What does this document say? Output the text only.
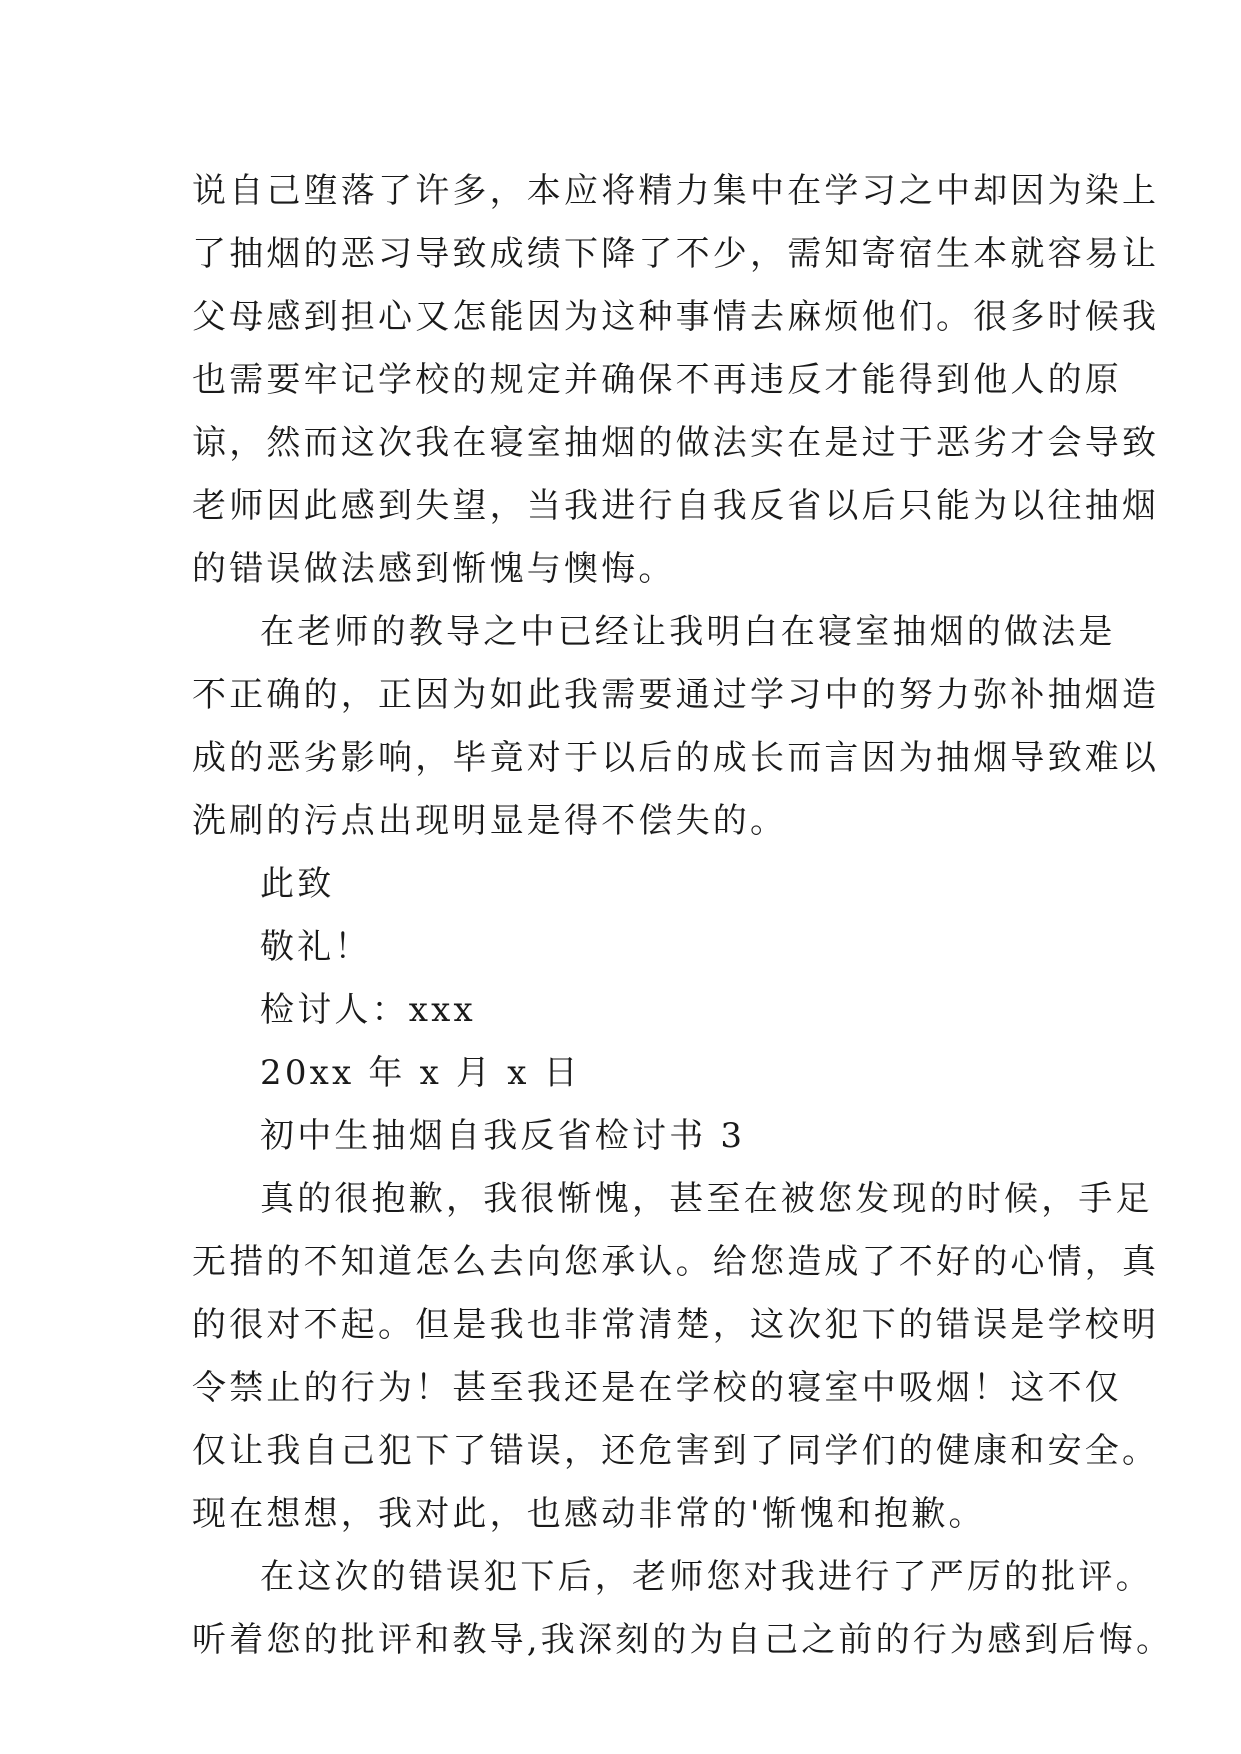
说自己堕落了许多，本应将精力集中在学习之中却因为染上
了抽烟的恶习导致成绩下降了不少，需知寄宿生本就容易让
父母感到担心又怎能因为这种事情去麻烦他们。很多时候我
也需要牢记学校的规定并确保不再违反才能得到他人的原
谅，然而这次我在寝室抽烟的做法实在是过于恶劣才会导致
老师因此感到失望，当我进行自我反省以后只能为以往抽烟
的错误做法感到惭愧与懊悔。
在老师的教导之中已经让我明白在寝室抽烟的做法是
不正确的，正因为如此我需要通过学习中的努力弥补抽烟造
成的恶劣影响，毕竟对于以后的成长而言因为抽烟导致难以
洗刷的污点出现明显是得不偿失的。
此致
敬礼！
检讨人：xxx
20xx 年 x 月 x 日
初中生抽烟自我反省检讨书 3
真的很抱歉，我很惭愧，甚至在被您发现的时候，手足
无措的不知道怎么去向您承认。给您造成了不好的心情，真
的很对不起。但是我也非常清楚，这次犯下的错误是学校明
令禁止的行为！甚至我还是在学校的寝室中吸烟！这不仅
仅让我自己犯下了错误，还危害到了同学们的健康和安全。
现在想想，我对此，也感动非常的'惭愧和抱歉。
在这次的错误犯下后，老师您对我进行了严厉的批评。
听着您的批评和教导,我深刻的为自己之前的行为感到后悔。
